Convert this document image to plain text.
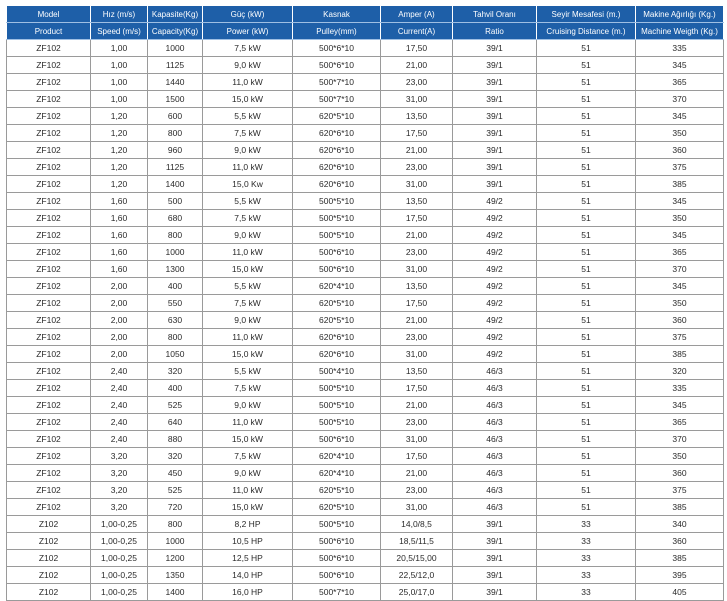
Model	Hız (m/s)	Kapasite(Kg)	Güç (kW)	Kasnak	Amper (A)	Tahvil Oranı	Seyir Mesafesi (m.)	Makine Ağırlığı (Kg.)
Product	Speed (m/s)	Capacity(Kg)	Power (kW)	Pulley(mm)	Current(A)	Ratio	Cruising Distance (m.)	Machine Weigth (Kg.)
ZF102	1,00	1000	7,5 kW	500*6*10	17,50	39/1	51	335
ZF102	1,00	1125	9,0 kW	500*6*10	21,00	39/1	51	345
ZF102	1,00	1440	11,0 kW	500*7*10	23,00	39/1	51	365
ZF102	1,00	1500	15,0 kW	500*7*10	31,00	39/1	51	370
ZF102	1,20	600	5,5 kW	620*5*10	13,50	39/1	51	345
ZF102	1,20	800	7,5 kW	620*6*10	17,50	39/1	51	350
ZF102	1,20	960	9,0 kW	620*6*10	21,00	39/1	51	360
ZF102	1,20	1125	11,0 kW	620*6*10	23,00	39/1	51	375
ZF102	1,20	1400	15,0 Kw	620*6*10	31,00	39/1	51	385
ZF102	1,60	500	5,5 kW	500*5*10	13,50	49/2	51	345
ZF102	1,60	680	7,5 kW	500*5*10	17,50	49/2	51	350
ZF102	1,60	800	9,0 kW	500*5*10	21,00	49/2	51	345
ZF102	1,60	1000	11,0 kW	500*6*10	23,00	49/2	51	365
ZF102	1,60	1300	15,0 kW	500*6*10	31,00	49/2	51	370
ZF102	2,00	400	5,5 kW	620*4*10	13,50	49/2	51	345
ZF102	2,00	550	7,5 kW	620*5*10	17,50	49/2	51	350
ZF102	2,00	630	9,0 kW	620*5*10	21,00	49/2	51	360
ZF102	2,00	800	11,0 kW	620*6*10	23,00	49/2	51	375
ZF102	2,00	1050	15,0 kW	620*6*10	31,00	49/2	51	385
ZF102	2,40	320	5,5 kW	500*4*10	13,50	46/3	51	320
ZF102	2,40	400	7,5 kW	500*5*10	17,50	46/3	51	335
ZF102	2,40	525	9,0 kW	500*5*10	21,00	46/3	51	345
ZF102	2,40	640	11,0 kW	500*5*10	23,00	46/3	51	365
ZF102	2,40	880	15,0 kW	500*6*10	31,00	46/3	51	370
ZF102	3,20	320	7,5 kW	620*4*10	17,50	46/3	51	350
ZF102	3,20	450	9,0 kW	620*4*10	21,00	46/3	51	360
ZF102	3,20	525	11,0 kW	620*5*10	23,00	46/3	51	375
ZF102	3,20	720	15,0 kW	620*5*10	31,00	46/3	51	385
Z102	1,00-0,25	800	8,2 HP	500*5*10	14,0/8,5	39/1	33	340
Z102	1,00-0,25	1000	10,5 HP	500*6*10	18,5/11,5	39/1	33	360
Z102	1,00-0,25	1200	12,5 HP	500*6*10	20,5/15,00	39/1	33	385
Z102	1,00-0,25	1350	14,0 HP	500*6*10	22,5/12,0	39/1	33	395
Z102	1,00-0,25	1400	16,0 HP	500*7*10	25,0/17,0	39/1	33	405
